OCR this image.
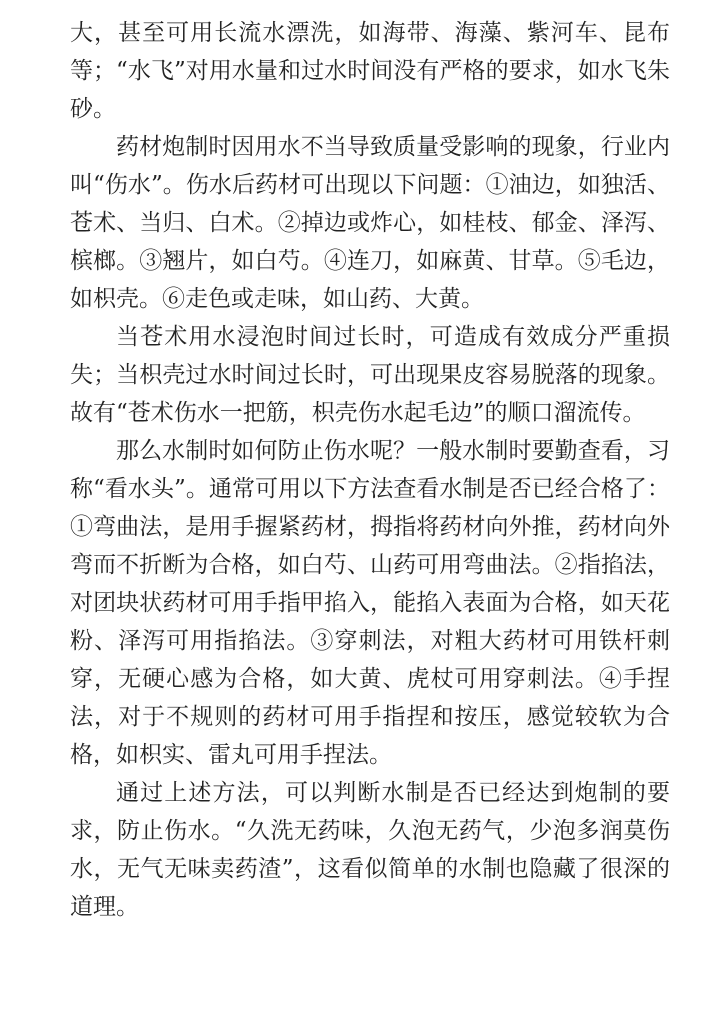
大，甚至可用长流水漂洗，如海带、海藻、紫河车、昆布等；“水飞”对用水量和过水时间没有严格的要求，如水飞朱砂。

药材炮制时因用水不当导致质量受影响的现象，行业内叫“伤水”。伤水后药材可出现以下问题：①油边，如独活、苍术、当归、白术。②掉边或炸心，如桂枝、郁金、泽泻、槟榔。③翘片，如白芍。④连刀，如麻黄、甘草。⑤毛边，如枳壳。⑥走色或走味，如山药、大黄。

当苍术用水浸泡时间过长时，可造成有效成分严重损失；当枳壳过水时间过长时，可出现果皮容易脱落的现象。故有“苍术伤水一把筋，枳壳伤水起毛边”的顺口溜流传。

那么水制时如何防止伤水呢？一般水制时要勤查看，习称“看水头”。通常可用以下方法查看水制是否已经合格了：①弯曲法，是用手握紧药材，拇指将药材向外推，药材向外弯而不折断为合格，如白芍、山药可用弯曲法。②指掐法，对团块状药材可用手指甲掐入，能掐入表面为合格，如天花粉、泽泻可用指掐法。③穿刺法，对粗大药材可用铁杆刺穿，无硬心感为合格，如大黄、虎杖可用穿刺法。④手捏法，对于不规则的药材可用手指捏和按压，感觉较软为合格，如枳实、雷丸可用手捏法。

通过上述方法，可以判断水制是否已经达到炮制的要求，防止伤水。“久洗无药味，久泡无药气，少泡多润莫伤水，无气无味卖药渣”，这看似简单的水制也隐藏了很深的道理。
